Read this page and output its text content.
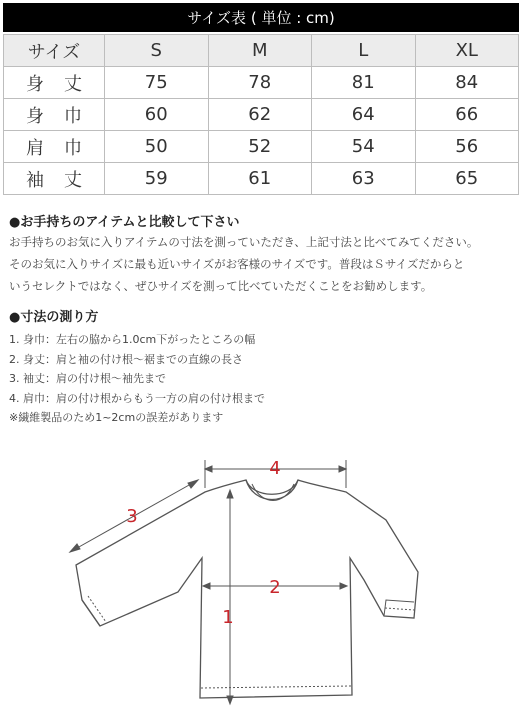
サイズ表 ( 単位 : cm)
サイズ	S	M	L	XL

身 丈	75	78	81	84

身 巾	60	62	64	66

肩 巾	50	52	54	56

袖 丈	59	61	63	65
●お手持ちのアイテムと比較して下さい
お手持ちのお気に入りアイテムの寸法を測っていただき、上記寸法と比べてみてください。
そのお気に入りサイズに最も近いサイズがお客様のサイズです。普段はＳサイズだからと
いうセレクトではなく、ぜひサイズを測って比べていただくことをお勧めします。
●寸法の測り方
1. 身巾：左右の脇から1.0cm下がったところの幅
2. 身丈：肩と袖の付け根～裾までの直線の長さ
3. 袖丈：肩の付け根～袖先まで
4. 肩巾：肩の付け根からもう一方の肩の付け根まで
※繊維製品のため1~2cmの誤差があります
4
3
2
1
